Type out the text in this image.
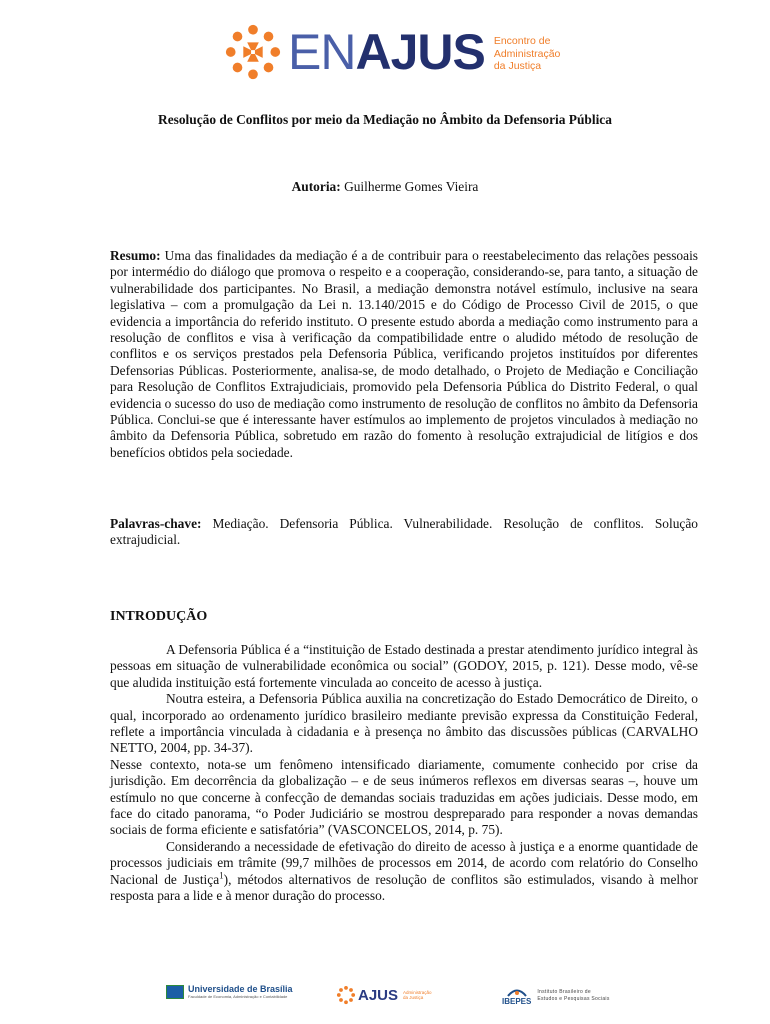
ENAJUS Encontro de
Administração
da Justiça
Resolução de Conflitos por meio da Mediação no Âmbito da Defensoria Pública
Autoria: Guilherme Gomes Vieira
Resumo: Uma das finalidades da mediação é a de contribuir para o reestabelecimento das relações pessoais por intermédio do diálogo que promova o respeito e a cooperação, considerando-se, para tanto, a situação de vulnerabilidade dos participantes. No Brasil, a mediação demonstra notável estímulo, inclusive na seara legislativa – com a promulgação da Lei n. 13.140/2015 e do Código de Processo Civil de 2015, o que evidencia a importância do referido instituto. O presente estudo aborda a mediação como instrumento para a resolução de conflitos e visa à verificação da compatibilidade entre o aludido método de resolução de conflitos e os serviços prestados pela Defensoria Pública, verificando projetos instituídos por diferentes Defensorias Públicas. Posteriormente, analisa-se, de modo detalhado, o Projeto de Mediação e Conciliação para Resolução de Conflitos Extrajudiciais, promovido pela Defensoria Pública do Distrito Federal, o qual evidencia o sucesso do uso de mediação como instrumento de resolução de conflitos no âmbito da Defensoria Pública. Conclui-se que é interessante haver estímulos ao implemento de projetos vinculados à mediação no âmbito da Defensoria Pública, sobretudo em razão do fomento à resolução extrajudicial de litígios e dos benefícios obtidos pela sociedade.
Palavras-chave: Mediação. Defensoria Pública. Vulnerabilidade. Resolução de conflitos. Solução extrajudicial.
INTRODUÇÃO

A Defensoria Pública é a “instituição de Estado destinada a prestar atendimento jurídico integral às pessoas em situação de vulnerabilidade econômica ou social” (GODOY, 2015, p. 121). Desse modo, vê-se que aludida instituição está fortemente vinculada ao conceito de acesso à justiça.

Noutra esteira, a Defensoria Pública auxilia na concretização do Estado Democrático de Direito, o qual, incorporado ao ordenamento jurídico brasileiro mediante previsão expressa da Constituição Federal, reflete a importância vinculada à cidadania e à presença no âmbito das discussões públicas (CARVALHO NETTO, 2004, pp. 34-37).

Nesse contexto, nota-se um fenômeno intensificado diariamente, comumente conhecido por crise da jurisdição. Em decorrência da globalização – e de seus inúmeros reflexos em diversas searas –, houve um estímulo no que concerne à confecção de demandas sociais traduzidas em ações judiciais. Desse modo, em face do citado panorama, “o Poder Judiciário se mostrou despreparado para responder a novas demandas sociais de forma eficiente e satisfatória” (VASCONCELOS, 2014, p. 75).

Considerando a necessidade de efetivação do direito de acesso à justiça e a enorme quantidade de processos judiciais em trâmite (99,7 milhões de processos em 2014, de acordo com relatório do Conselho Nacional de Justiça$^1$), métodos alternativos de resolução de conflitos são estimulados, visando à melhor resposta para a lide e à menor duração do processo.

Universidade de Brasília
Faculdade de Economia, Administração e Contabilidade	AJUS Administração
da Justiça	IBEPES
Instituto Brasileiro de
Estudos e Pesquisas Sociais
